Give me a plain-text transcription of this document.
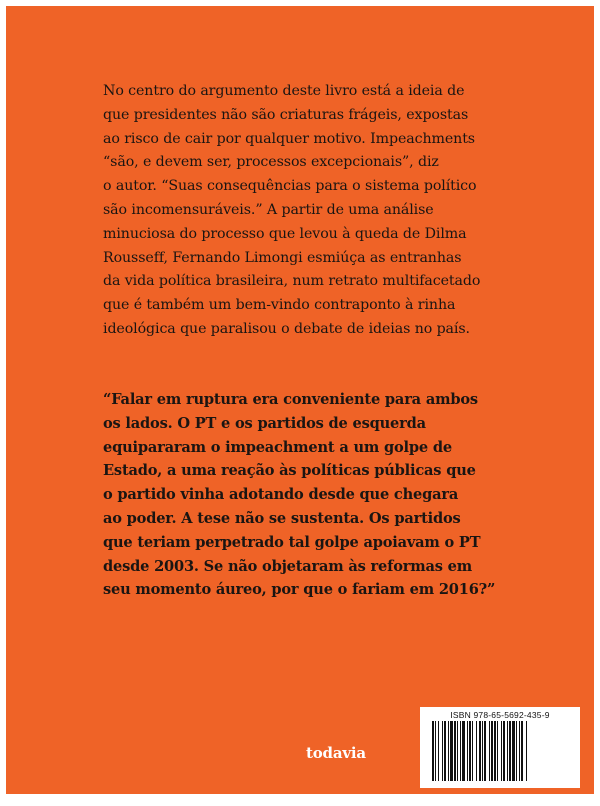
No centro do argumento deste livro está a ideia de
que presidentes não são criaturas frágeis, expostas
ao risco de cair por qualquer motivo. Impeachments
“são, e devem ser, processos excepcionais”, diz
o autor. “Suas consequências para o sistema político
são incomensuráveis.” A partir de uma análise
minuciosa do processo que levou à queda de Dilma
Rousseff, Fernando Limongi esmiúça as entranhas
da vida política brasileira, num retrato multifacetado
que é também um bem-vindo contraponto à rinha
ideológica que paralisou o debate de ideias no país.
“Falar em ruptura era conveniente para ambos
os lados. O PT e os partidos de esquerda
equipararam o impeachment a um golpe de
Estado, a uma reação às políticas públicas que
o partido vinha adotando desde que chegara
ao poder. A tese não se sustenta. Os partidos
que teriam perpetrado tal golpe apoiavam o PT
desde 2003. Se não objetaram às reformas em
seu momento áureo, por que o fariam em 2016?”
todavia
ISBN 978-65-5692-435-9
